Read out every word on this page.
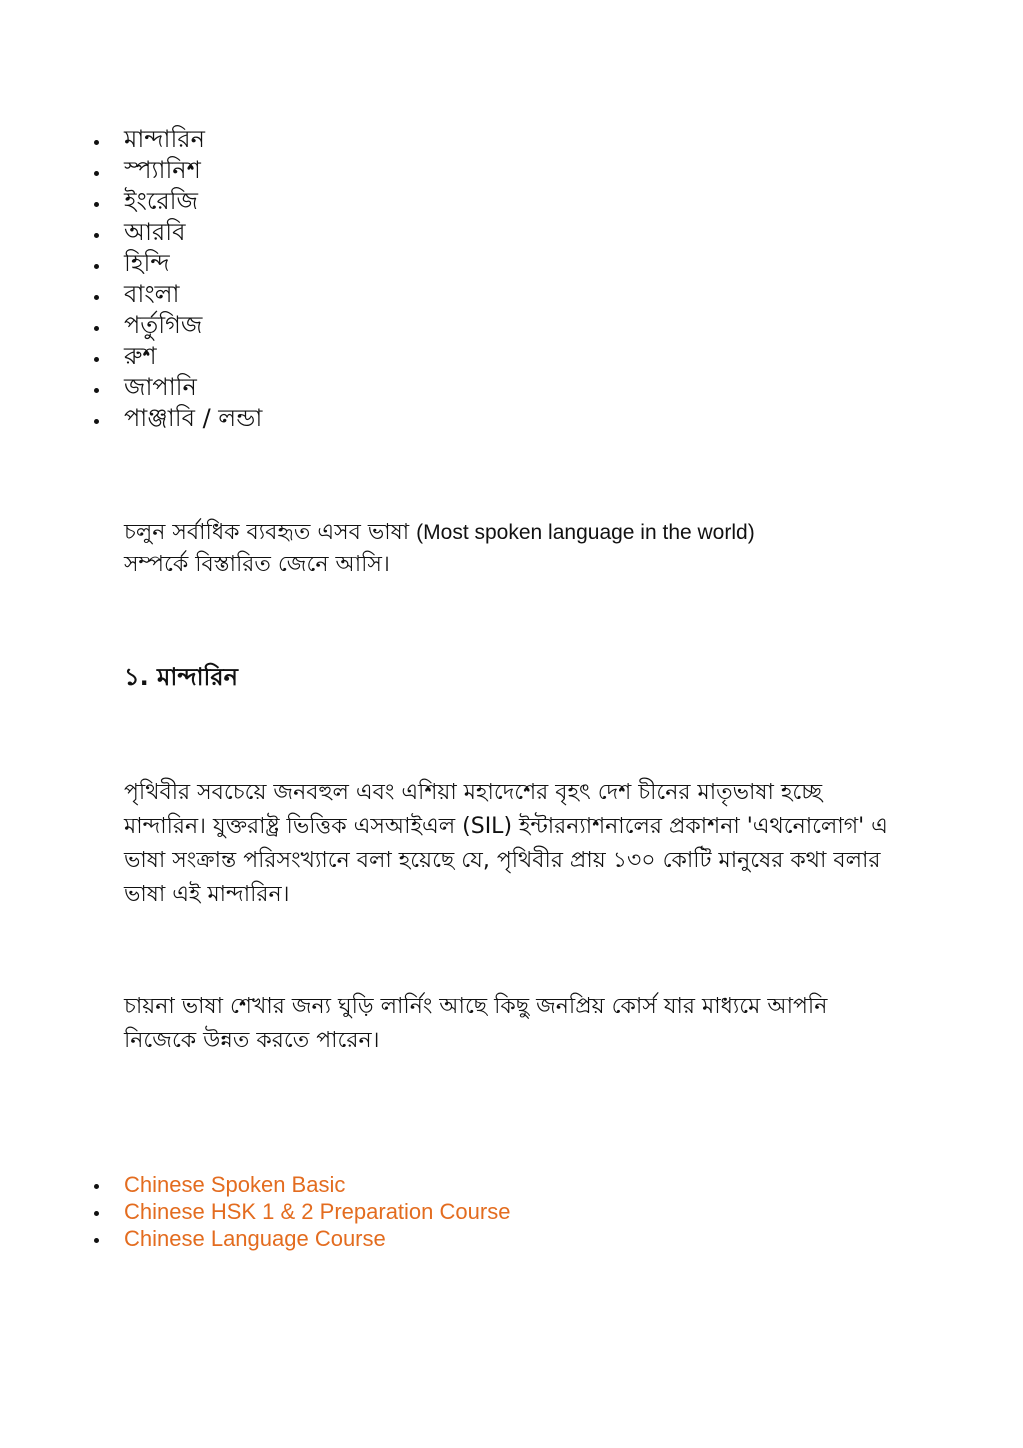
মান্দারিন
স্প্যানিশ
ইংরেজি
আরবি
হিন্দি
বাংলা
পর্তুগিজ
রুশ
জাপানি
পাঞ্জাবি / লন্ডা

চলুন সর্বাধিক ব্যবহৃত এসব ভাষা (Most spoken language in the world)
সম্পর্কে বিস্তারিত জেনে আসি।

১. মান্দারিন

পৃথিবীর সবচেয়ে জনবহুল এবং এশিয়া মহাদেশের বৃহৎ দেশ চীনের মাতৃভাষা হচ্ছে মান্দারিন। যুক্তরাষ্ট্র ভিত্তিক এসআইএল (SIL) ইন্টারন্যাশনালের প্রকাশনা 'এথনোলোগ' এ ভাষা সংক্রান্ত পরিসংখ্যানে বলা হয়েছে যে, পৃথিবীর প্রায় ১৩০ কোটি মানুষের কথা বলার ভাষা এই মান্দারিন।

চায়না ভাষা শেখার জন্য ঘুড়ি লার্নিং আছে কিছু জনপ্রিয় কোর্স যার মাধ্যমে আপনি নিজেকে উন্নত করতে পারেন।

Chinese Spoken Basic
Chinese HSK 1 & 2 Preparation Course
Chinese Language Course
